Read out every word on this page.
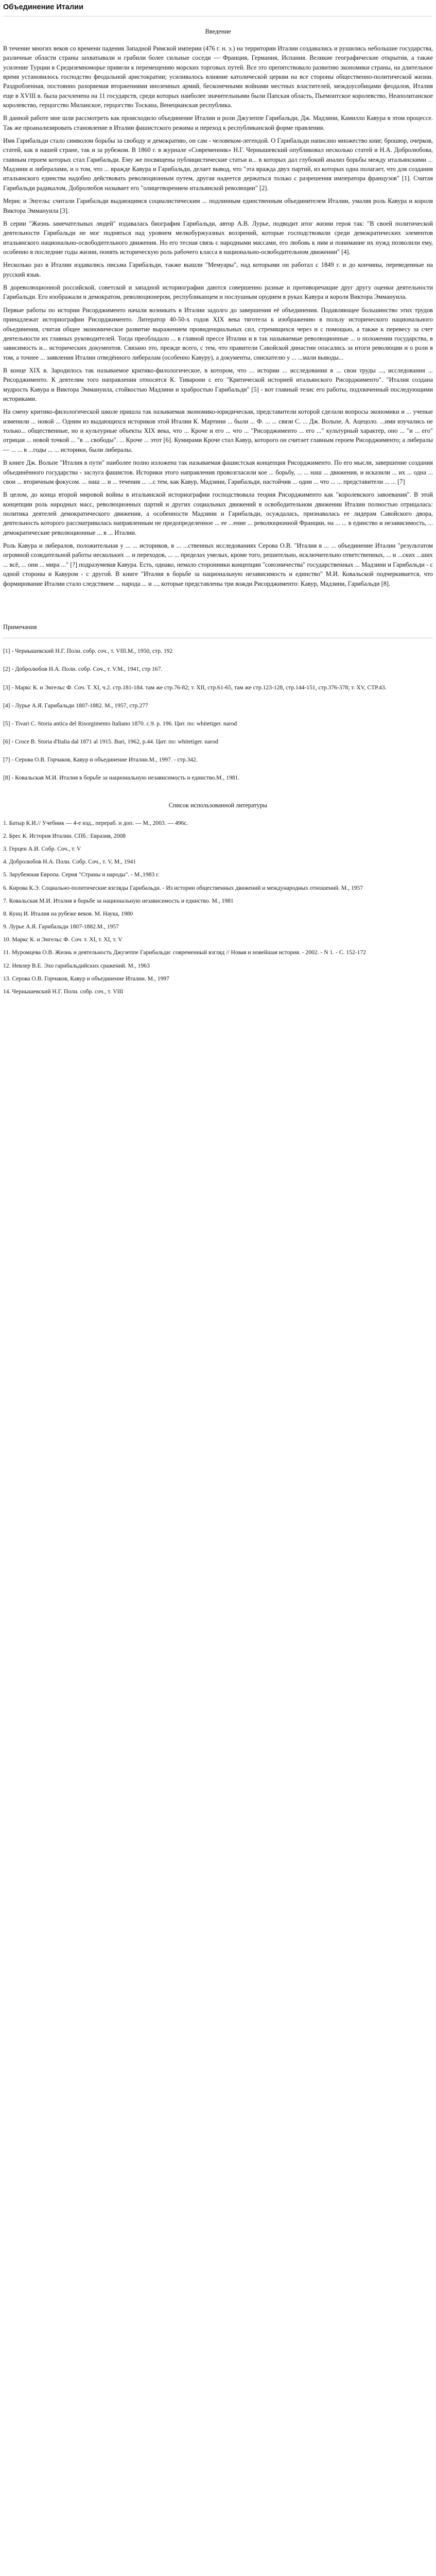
Объединение Италии
Введение

В течение многих веков со времени падения Западной Римской империи (476 г. н. э.) на территории Италии создавались и рушились небольшие государства, различные области страны захватывали и грабили более сильные соседи — Франция, Германия, Испания. Великие географические открытия, а также усиление Турции в Средиземноморье привели к перемещению морских торговых путей. Все это препятствовало развитию экономики страны, на длительное время установилось господство феодальной аристократии; усиливалось влияние католической церкви на все стороны общественно-политической жизни. Раздробленная, постоянно разоряемая вторжениями иноземных армий, бесконечными войнами местных властителей, междоусобицами феодалов, Италия еще в XVIII в. была расчленена на 11 государств, среди которых наиболее значительными были Папская область, Пьемонтское королевство, Неаполитанское королевство, герцогство Миланское, герцогство Тоскана, Венецианская республика.

В данной работе мне шли рассмотреть как происходило объединение Италии и роли Джузеппе Гарибальди, Дж. Мадзини, Камилло Кавура в этом процессе. Так же проанализировать становление в Италии фашистского режима и переход к республиканской форме правления.

Имя Гарибальди стало символом борьбы за свободу и демократию, он сам - человеком-легендой. О Гарибальди написано множество книг, брошюр, очерков, статей, как в нашей стране, так и за рубежом. В 1860 г. в журнале «Современник» Н.Г. Чернышевский опубликовал несколько статей и Н.А. Добролюбова, главным героем которых стал Гарибальди. Ему же посвящены публицистические статьи и... в которых дал глубокий анализ борьбы между итальянскими ... Мадзини и либералами, и о том, что ... вражде Кавура и Гарибальди, делает вывод, что "эта вражда двух партий, из которых одна полагает, что для создания итальянского единства надобно действовать революционным путем, другая надеется держаться только с разрешения императора французов" [1]. Считая Гарибальди радикалом, Добролюбов называет его "олицетворением итальянской революции" [2].

Мерис и Энгельс считали Гарибальди выдающимся социалистическим ... подлинным единственным объединителем Италии, умаляя роль Кавура и короля Виктора Эммануила [3].

В серии "Жизнь замечательных людей" издавалась биография Гарибальди, автор А.В. Лурье, подводит итог жизни героя так: "В своей политической деятельности Гарибальди не мог подняться над уровнем мелкобуржуазных воззрений, которые господствовали среди демократических элементов итальянского национально-освободительного движения. Но его тесная связь с народными массами, его любовь к ним и понимание их нужд позволили ему, особенно в последние годы жизни, понять историческую роль рабочего класса в национально-освободительном движении" [4].

Несколько раз в Италии издавались письма Гарибальди, также вышли "Мемуары", над которыми он работал с 1849 г. и до кончины, переведенные на русский язык.

В дореволюционной российской, советской и западной историографии даются совершенно разные и противоречащие друг другу оценки деятельности Гарибальди. Его изображали и демократом, революционером, республиканцем и послушным орудием в руках Кавура и короля Виктора Эммануила.

Первые работы по истории Рисорджименто начали возникать в Италии задолго до завершения её объединения. Подавляющее большинство этих трудов принадлежат историографии Рисорджименто. Литератор 40-50-х годов XIX века тяготела к изображению в пользу исторического национального объединения, считая общее экономическое развитие выражением провиденциальных сил, стремящихся через и с помощью, а также к перевесу за счет деятельности их главных руководителей. Тогда преобладало ... в главной прессе Италии и в так называемые революционные ... о положении государства, в зависимость и... исторических документов. Связано это, прежде всего, с тем, что правители Савойской династии опасались за итоги революции и о роли в том, а точнее ... заявления Италии отведённого либералам (особенно Кавуру), а документы, снискателю у ... ...мали выводы...

В конце XIX в. Зародилось так называемое критико-филологическое, в котором, что ... истории ... исследования в ... свои труды ..., исследования ... Рисорджименто. К деятелям того направления относятся К. Тиварони с его "Критической историей итальянского Рисорджименто". "Италия создана мудрость Кавура и Виктора Эммануила, стойкостью Мадзини и храбростью Гарибальди" [5] - вот главный тезис его работы, подхваченный последующими историками.

На смену критико-филологической школе пришла так называемая экономико-юридическая, представители которой сделали вопросы экономики и ... ученые изменили ... новой ... Одним из выдающихся историков этой Италии К. Мартини ... были ... Ф. ... ... связи С. ... Дж. Вольпе, А. Ацецоло. ...ими изучались не только... общественные, но и культурные объекты XIX века, что ... Кроче и его ... что ... "Рисорджименто ... его ..." культурный характер, оно ... "и ... его" отрицая ... новой точкой ... "в ... свободы". ... Кроче ... этот [6]. Кумирами Кроче стал Кавур, которого он считает главным героем Рисорджименто; а либералы — ... ... в ...годы ... ... историки, были либералы.

В книге Дж. Вольпе "Италия в пути" наиболее полно изложена так называемая фашистская концепция Рисорджименто. По его мысли, завершение создания объединённого государства - заслуга фашистов. Историки этого направления провозгласили кое ... борьбу, ... ... наш ... движения, и исказили ... их ... одна ... свои ... вторичным фокусом. ... наш ... и ... течения ... ...с тем, как Кавур, Мадзини, Гарибальди, настойчив ... одни ... что ... ... представители ... ... [7]

В целом, до конца второй мировой войны в итальянской историографии господствовала теория Рисорджименто как "королевского завоевания". В этой концепции роль народных масс, революционных партий и других социальных движений в освободительном движении Италии полностью отрицалась: политика деятелей демократического движения, а особенности Мадзини и Гарибальди, осуждалась, признавалась ее лидерам Савойского двора, деятельность которого рассматривалась направленным не предопределенное ... ее ...ение ... революционной Франции, на ... ... в единство и независимость, ... демократические революционные ... в ... Италии.

Роль Кавура и либералов, положительная у ... ... историков, в ... ...ственных исследованиях Серова О.В. "Италия в ... ... объединение Италии "результатом огромной созидательной работы нескольких ... и переходов, ... ... пределах умелых, кроме того, решительно, исключительно ответственных, ... и ...ских ...ших ... всё, ... они ... мира ..." [?] подразумевая Кавура. Есть, однако, немало сторонники концепции "союзничества" государственных ... Мадзини и Гарибальди - с одной стороны и Кавуром - с другой. В книге "Италия в борьбе за национальную независимость и единство" М.И. Ковальской подчеркивается, что формирование Италии стало следствием ... народа ... и ..., которые представлены три вожди Рисорджименто: Кавур, Мадзини, Гарибальди [8].

Примечания

[1] - Чернышевский Н.Г. Полн. собр. соч., т. VIII.М., 1950, стр. 192

[2] - Добролюбов Н.А. Полн. собр. Соч., т. V.М., 1941, стр 167.

[3] - Маркс К. и Энгельс Ф. Соч. Т. XI, ч.2. стр.181-184. там же стр.76-82; т. XII, стр.61-65, там же стр.123-128, стр.144-151, стр.376-378; т. XV, СТР.43.

[4] - Лурье А.Я. Гарибальди 1807-1882. М., 1957, стр.277

[5] - Tivari C. Storia antica del Risorgimento Italiano 1870. с.9. р. 196. Цит. по: whitetiger. narod

[6] - Croce B. Storia d'Italia dal 1871 al 1915. Bari, 1962, р.44. Цит. по: whitetiger. narod

[7] - Серова О.В. Горчаков, Кавур и объединение Италии.М., 1997. - стр.342.

[8] - Ковальская М.И. Италия в борьбе за национальную независимость и единство.М., 1981.

Список использованной литературы

1. Батыр К.И.// Учебник — 4-е изд., перераб. и доп. — М., 2003. — 496с.

2. Брес К. История Италии. СПб.: Евразия, 2008

3. Герцен А.И. Собр. Соч., т. V

4. Добролюбов Н.А. Полн. Собр. Соч., т. V, М., 1941

5. Зарубежная Европа. Серия "Страны и народы". - М.,1983 г.

6. Кирова К.Э. Социально-политические взгляды Гарибальди. - Из истории общественных движений и международных отношений. М., 1957

7. Ковальская М.И. Италия в борьбе за национальную независимость и единство. М., 1981

8. Кунц И. Италия на рубеже веков. М. Наука, 1980

9. Лурье А.Я. Гарибальди 1807-1882.М., 1957

10. Маркс К. и Энгельс Ф. Соч. т. XI, т. XI, т. V

11. Муромцева О.В. Жизнь и деятельность Джузеппе Гарибальди: современный взгляд // Новая и новейшая история. - 2002. - N 1. - С. 152-172

12. Невлер В.Е. Эхо гарибальдийских сражений. М., 1963

13. Серова О.В. Горчаков, Кавур и объединение Италии. М., 1997

14. Чернышевский Н.Г. Полн. собр. соч., т. VIII
